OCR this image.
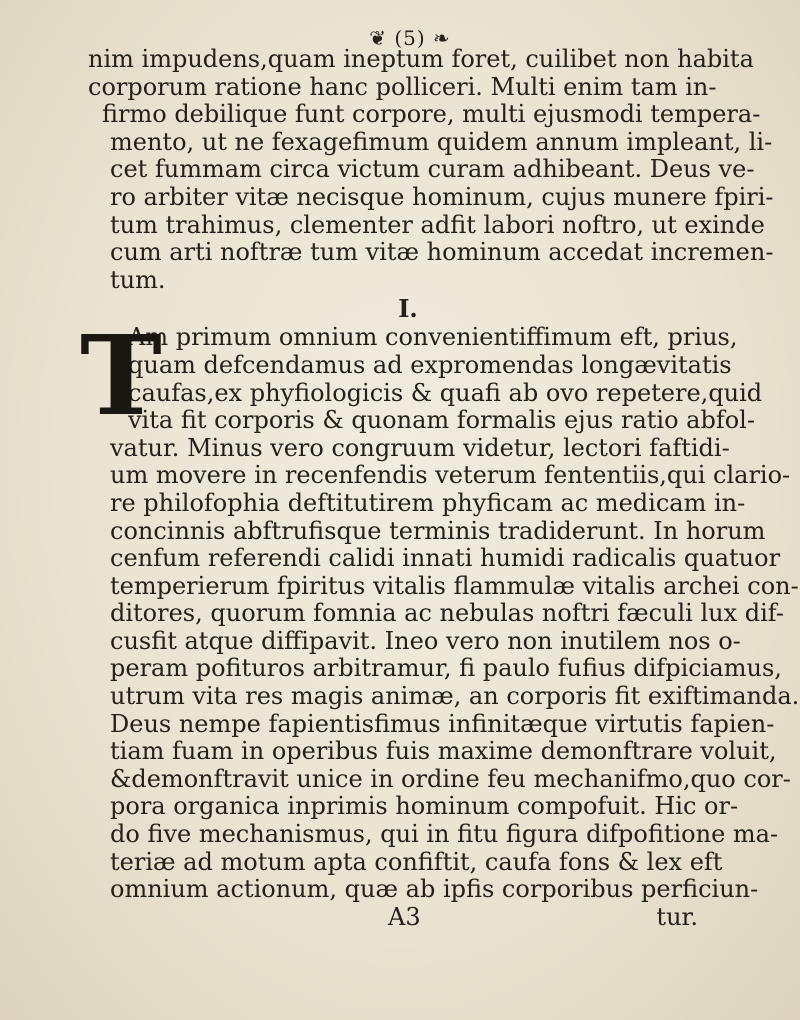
❦ (5) ❧
nim impudens,quam ineptum foret, cuilibet non habita
corporum ratione hanc polliceri. Multi enim tam in-
firmo debilique funt corpore, multi ejusmodi tempera-
mento, ut ne fexagefimum quidem annum impleant, li-
cet fummam circa victum curam adhibeant. Deus ve-
ro arbiter vitæ necisque hominum, cujus munere fpiri-
tum trahimus, clementer adfit labori noftro, ut exinde
cum arti noftræ tum vitæ hominum accedat incremen-
tum.
I.
T
Am primum omnium convenientiffimum eft, prius,
quam defcendamus ad expromendas longævitatis
caufas,ex phyfiologicis & quafi ab ovo repetere,quid
vita fit corporis & quonam formalis ejus ratio abfol-
vatur. Minus vero congruum videtur, lectori faftidi-
um movere in recenfendis veterum fententiis,qui clario-
re philofophia deftitutirem phyficam ac medicam in-
concinnis abftrufisque terminis tradiderunt. In horum
cenfum referendi calidi innati humidi radicalis quatuor
temperierum fpiritus vitalis flammulæ vitalis archei con-
ditores, quorum fomnia ac nebulas noftri fæculi lux dif-
cusfit atque diffipavit. Ineo vero non inutilem nos o-
peram pofituros arbitramur, fi paulo fufius difpiciamus,
utrum vita res magis animæ, an corporis fit exiftimanda.
Deus nempe fapientisfimus infinitæque virtutis fapien-
tiam fuam in operibus fuis maxime demonftrare voluit,
&demonftravit unice in ordine feu mechanifmo,quo cor-
pora organica inprimis hominum compofuit. Hic or-
do five mechanismus, qui in fitu figura difpofitione ma-
teriæ ad motum apta confiftit, caufa fons & lex eft
omnium actionum, quæ ab ipfis corporibus perficiun-
A3	tur.
